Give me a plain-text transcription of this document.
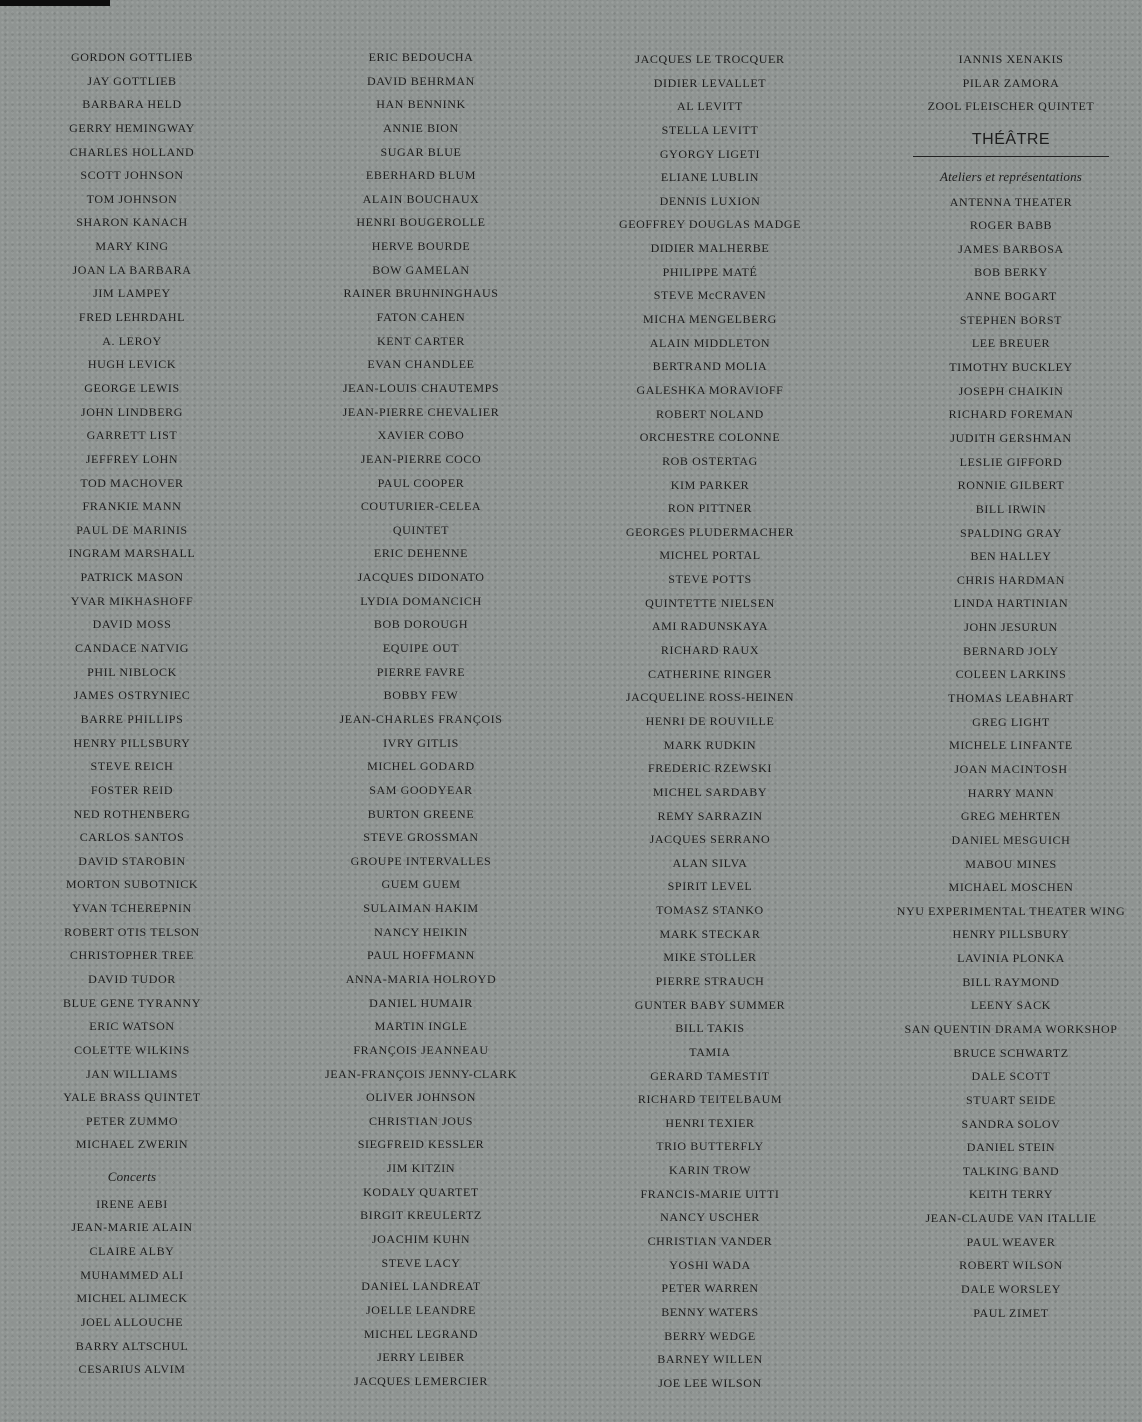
GORDON GOTTLIEB
JAY GOTTLIEB
BARBARA HELD
GERRY HEMINGWAY
CHARLES HOLLAND
SCOTT JOHNSON
TOM JOHNSON
SHARON KANACH
MARY KING
JOAN LA BARBARA
JIM LAMPEY
FRED LEHRDAHL
A. LEROY
HUGH LEVICK
GEORGE LEWIS
JOHN LINDBERG
GARRETT LIST
JEFFREY LOHN
TOD MACHOVER
FRANKIE MANN
PAUL DE MARINIS
INGRAM MARSHALL
PATRICK MASON
YVAR MIKHASHOFF
DAVID MOSS
CANDACE NATVIG
PHIL NIBLOCK
JAMES OSTRYNIEC
BARRE PHILLIPS
HENRY PILLSBURY
STEVE REICH
FOSTER REID
NED ROTHENBERG
CARLOS SANTOS
DAVID STAROBIN
MORTON SUBOTNICK
YVAN TCHEREPNIN
ROBERT OTIS TELSON
CHRISTOPHER TREE
DAVID TUDOR
BLUE GENE TYRANNY
ERIC WATSON
COLETTE WILKINS
JAN WILLIAMS
YALE BRASS QUINTET
PETER ZUMMO
MICHAEL ZWERIN
Concerts
IRENE AEBI
JEAN-MARIE ALAIN
CLAIRE ALBY
MUHAMMED ALI
MICHEL ALIMECK
JOEL ALLOUCHE
BARRY ALTSCHUL
CESARIUS ALVIM
ERIC BEDOUCHA
DAVID BEHRMAN
HAN BENNINK
ANNIE BION
SUGAR BLUE
EBERHARD BLUM
ALAIN BOUCHAUX
HENRI BOUGEROLLE
HERVE BOURDE
BOW GAMELAN
RAINER BRUHNINGHAUS
FATON CAHEN
KENT CARTER
EVAN CHANDLEE
JEAN-LOUIS CHAUTEMPS
JEAN-PIERRE CHEVALIER
XAVIER COBO
JEAN-PIERRE COCO
PAUL COOPER
COUTURIER-CELEA
QUINTET
ERIC DEHENNE
JACQUES DIDONATO
LYDIA DOMANCICH
BOB DOROUGH
EQUIPE OUT
PIERRE FAVRE
BOBBY FEW
JEAN-CHARLES FRANÇOIS
IVRY GITLIS
MICHEL GODARD
SAM GOODYEAR
BURTON GREENE
STEVE GROSSMAN
GROUPE INTERVALLES
GUEM GUEM
SULAIMAN HAKIM
NANCY HEIKIN
PAUL HOFFMANN
ANNA-MARIA HOLROYD
DANIEL HUMAIR
MARTIN INGLE
FRANÇOIS JEANNEAU
JEAN-FRANÇOIS JENNY-CLARK
OLIVER JOHNSON
CHRISTIAN JOUS
SIEGFREID KESSLER
JIM KITZIN
KODALY QUARTET
BIRGIT KREULERTZ
JOACHIM KUHN
STEVE LACY
DANIEL LANDREAT
JOELLE LEANDRE
MICHEL LEGRAND
JERRY LEIBER
JACQUES LEMERCIER
JACQUES LE TROCQUER
DIDIER LEVALLET
AL LEVITT
STELLA LEVITT
GYORGY LIGETI
ELIANE LUBLIN
DENNIS LUXION
GEOFFREY DOUGLAS MADGE
DIDIER MALHERBE
PHILIPPE MATÉ
STEVE McCRAVEN
MICHA MENGELBERG
ALAIN MIDDLETON
BERTRAND MOLIA
GALESHKA MORAVIOFF
ROBERT NOLAND
ORCHESTRE COLONNE
ROB OSTERTAG
KIM PARKER
RON PITTNER
GEORGES PLUDERMACHER
MICHEL PORTAL
STEVE POTTS
QUINTETTE NIELSEN
AMI RADUNSKAYA
RICHARD RAUX
CATHERINE RINGER
JACQUELINE ROSS-HEINEN
HENRI DE ROUVILLE
MARK RUDKIN
FREDERIC RZEWSKI
MICHEL SARDABY
REMY SARRAZIN
JACQUES SERRANO
ALAN SILVA
SPIRIT LEVEL
TOMASZ STANKO
MARK STECKAR
MIKE STOLLER
PIERRE STRAUCH
GUNTER BABY SUMMER
BILL TAKIS
TAMIA
GERARD TAMESTIT
RICHARD TEITELBAUM
HENRI TEXIER
TRIO BUTTERFLY
KARIN TROW
FRANCIS-MARIE UITTI
NANCY USCHER
CHRISTIAN VANDER
YOSHI WADA
PETER WARREN
BENNY WATERS
BERRY WEDGE
BARNEY WILLEN
JOE LEE WILSON
IANNIS XENAKIS
PILAR ZAMORA
ZOOL FLEISCHER QUINTET
THÉÂTRE
Ateliers et représentations
ANTENNA THEATER
ROGER BABB
JAMES BARBOSA
BOB BERKY
ANNE BOGART
STEPHEN BORST
LEE BREUER
TIMOTHY BUCKLEY
JOSEPH CHAIKIN
RICHARD FOREMAN
JUDITH GERSHMAN
LESLIE GIFFORD
RONNIE GILBERT
BILL IRWIN
SPALDING GRAY
BEN HALLEY
CHRIS HARDMAN
LINDA HARTINIAN
JOHN JESURUN
BERNARD JOLY
COLEEN LARKINS
THOMAS LEABHART
GREG LIGHT
MICHELE LINFANTE
JOAN MACINTOSH
HARRY MANN
GREG MEHRTEN
DANIEL MESGUICH
MABOU MINES
MICHAEL MOSCHEN
NYU EXPERIMENTAL THEATER WING
HENRY PILLSBURY
LAVINIA PLONKA
BILL RAYMOND
LEENY SACK
SAN QUENTIN DRAMA WORKSHOP
BRUCE SCHWARTZ
DALE SCOTT
STUART SEIDE
SANDRA SOLOV
DANIEL STEIN
TALKING BAND
KEITH TERRY
JEAN-CLAUDE VAN ITALLIE
PAUL WEAVER
ROBERT WILSON
DALE WORSLEY
PAUL ZIMET
